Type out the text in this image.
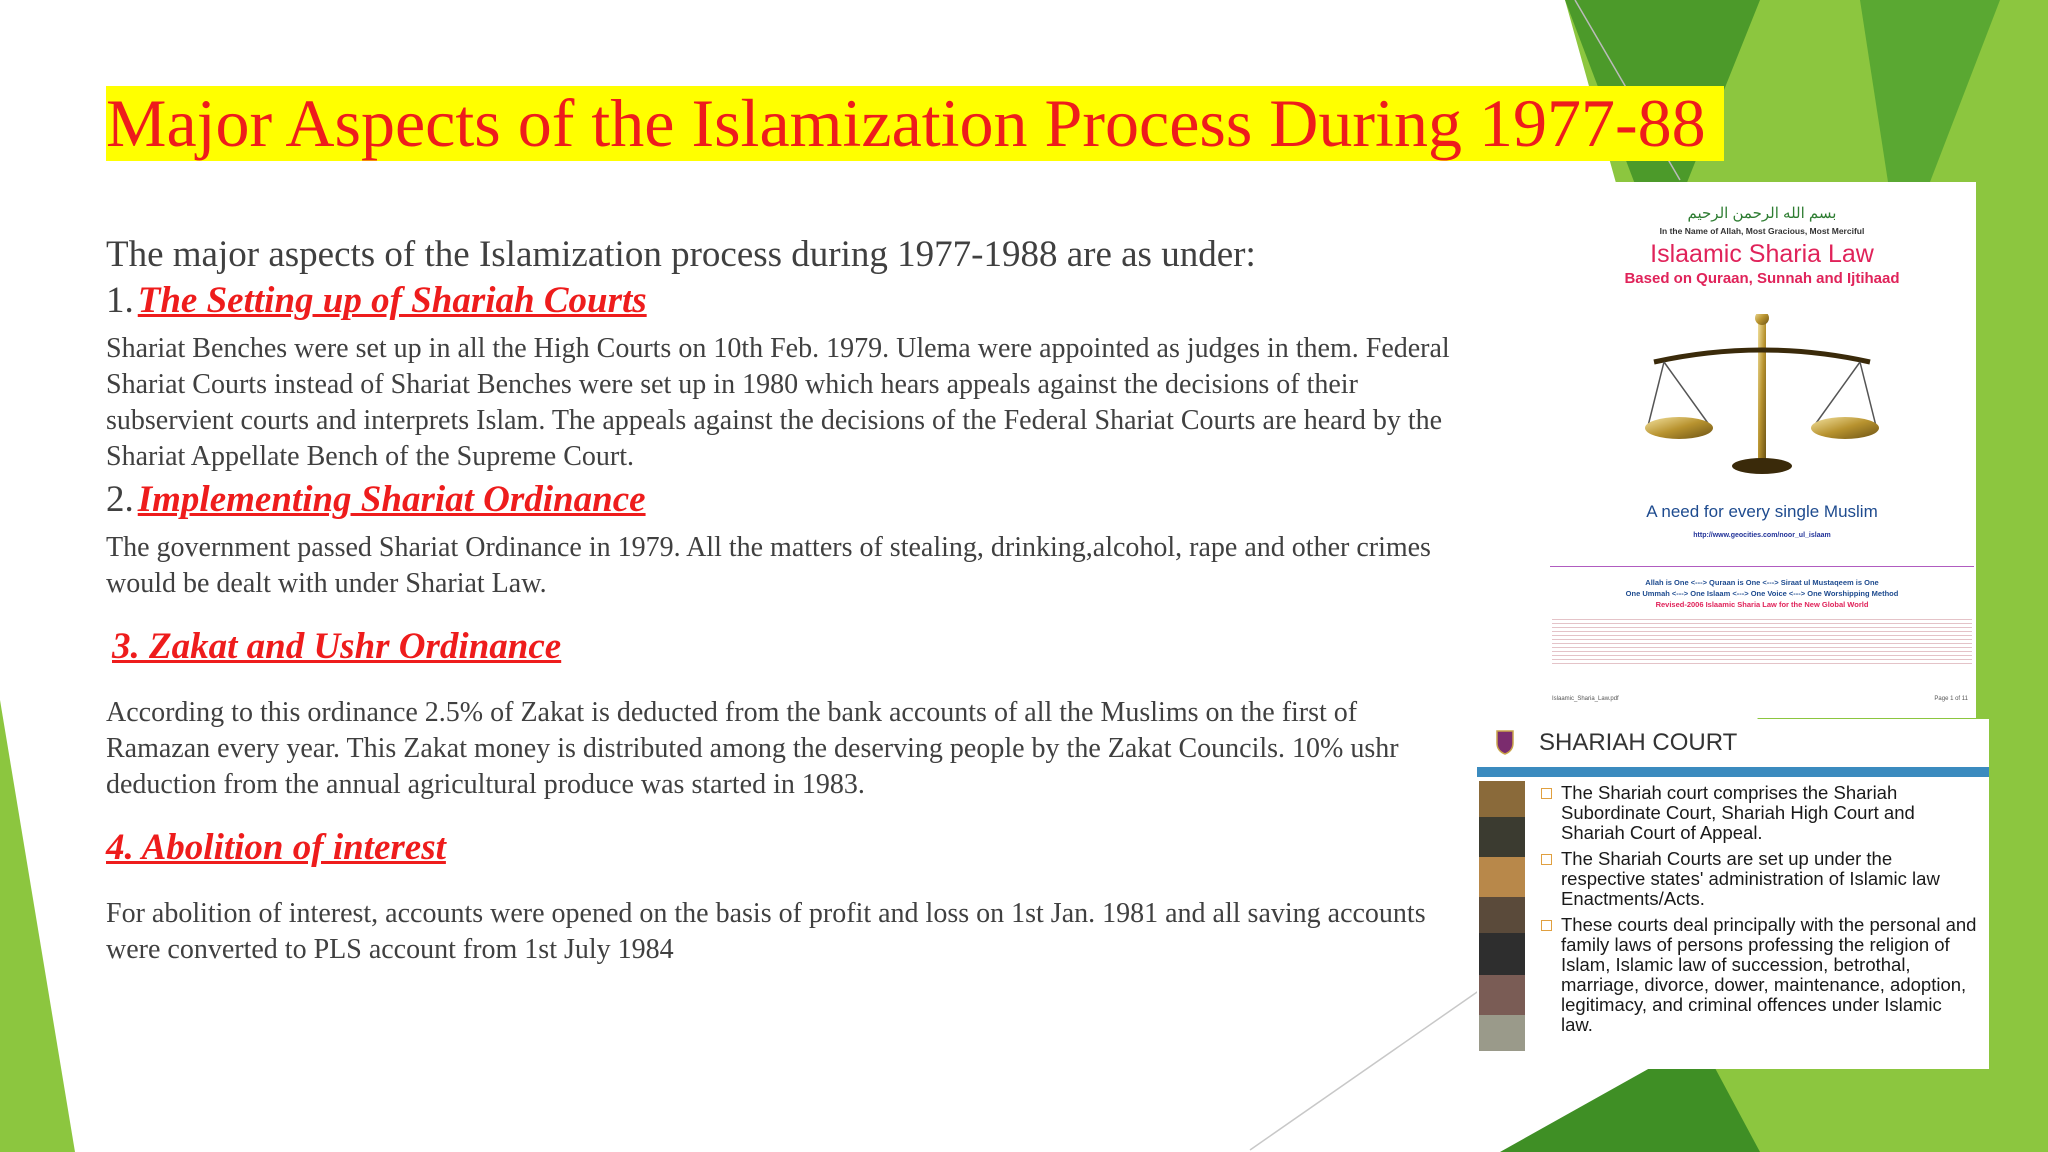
Major Aspects of the Islamization Process During 1977-88
The major aspects of the Islamization process during 1977-1988 are as under:
1. The Setting up of Shariah Courts

Shariat Benches were set up in all the High Courts on 10th Feb. 1979. Ulema were appointed as judges in them. Federal Shariat Courts instead of Shariat Benches were set up in 1980 which hears appeals against the decisions of their subservient courts and interprets Islam. The appeals against the decisions of the Federal Shariat Courts are heard by the Shariat Appellate Bench of the Supreme Court.

2. Implementing Shariat Ordinance

The government passed Shariat Ordinance in 1979. All the matters of stealing, drinking,alcohol, rape and other crimes would be dealt with under Shariat Law.

3. Zakat and Ushr Ordinance

According to this ordinance 2.5% of Zakat is deducted from the bank accounts of all the Muslims on the first of Ramazan every year. This Zakat money is distributed among the deserving people by the Zakat Councils. 10% ushr deduction from the annual agricultural produce was started in 1983.

4. Abolition of interest

For abolition of interest, accounts were opened on the basis of profit and loss on 1st Jan. 1981 and all saving accounts were converted to PLS account from 1st July 1984

بسم الله الرحمن الرحيم
In the Name of Allah, Most Gracious, Most Merciful
Islaamic Sharia Law
Based on Quraan, Sunnah and Ijtihaad
A need for every single Muslim
http://www.geocities.com/noor_ul_islaam
Allah is One <---> Quraan is One <---> Siraat ul Mustaqeem is One
One Ummah <---> One Islaam <---> One Voice <---> One Worshipping Method
Revised-2006 Islaamic Sharia Law for the New Global World
Islaamic_Sharia_Law.pdf	Page 1 of 11
SHARIAH COURT
The Shariah court comprises the Shariah Subordinate Court, Shariah High Court and Shariah Court of Appeal.
The Shariah Courts are set up under the respective states' administration of Islamic law Enactments/Acts.
These courts deal principally with the personal and family laws of persons professing the religion of Islam, Islamic law of succession, betrothal, marriage, divorce, dower, maintenance, adoption, legitimacy, and criminal offences under Islamic law.
